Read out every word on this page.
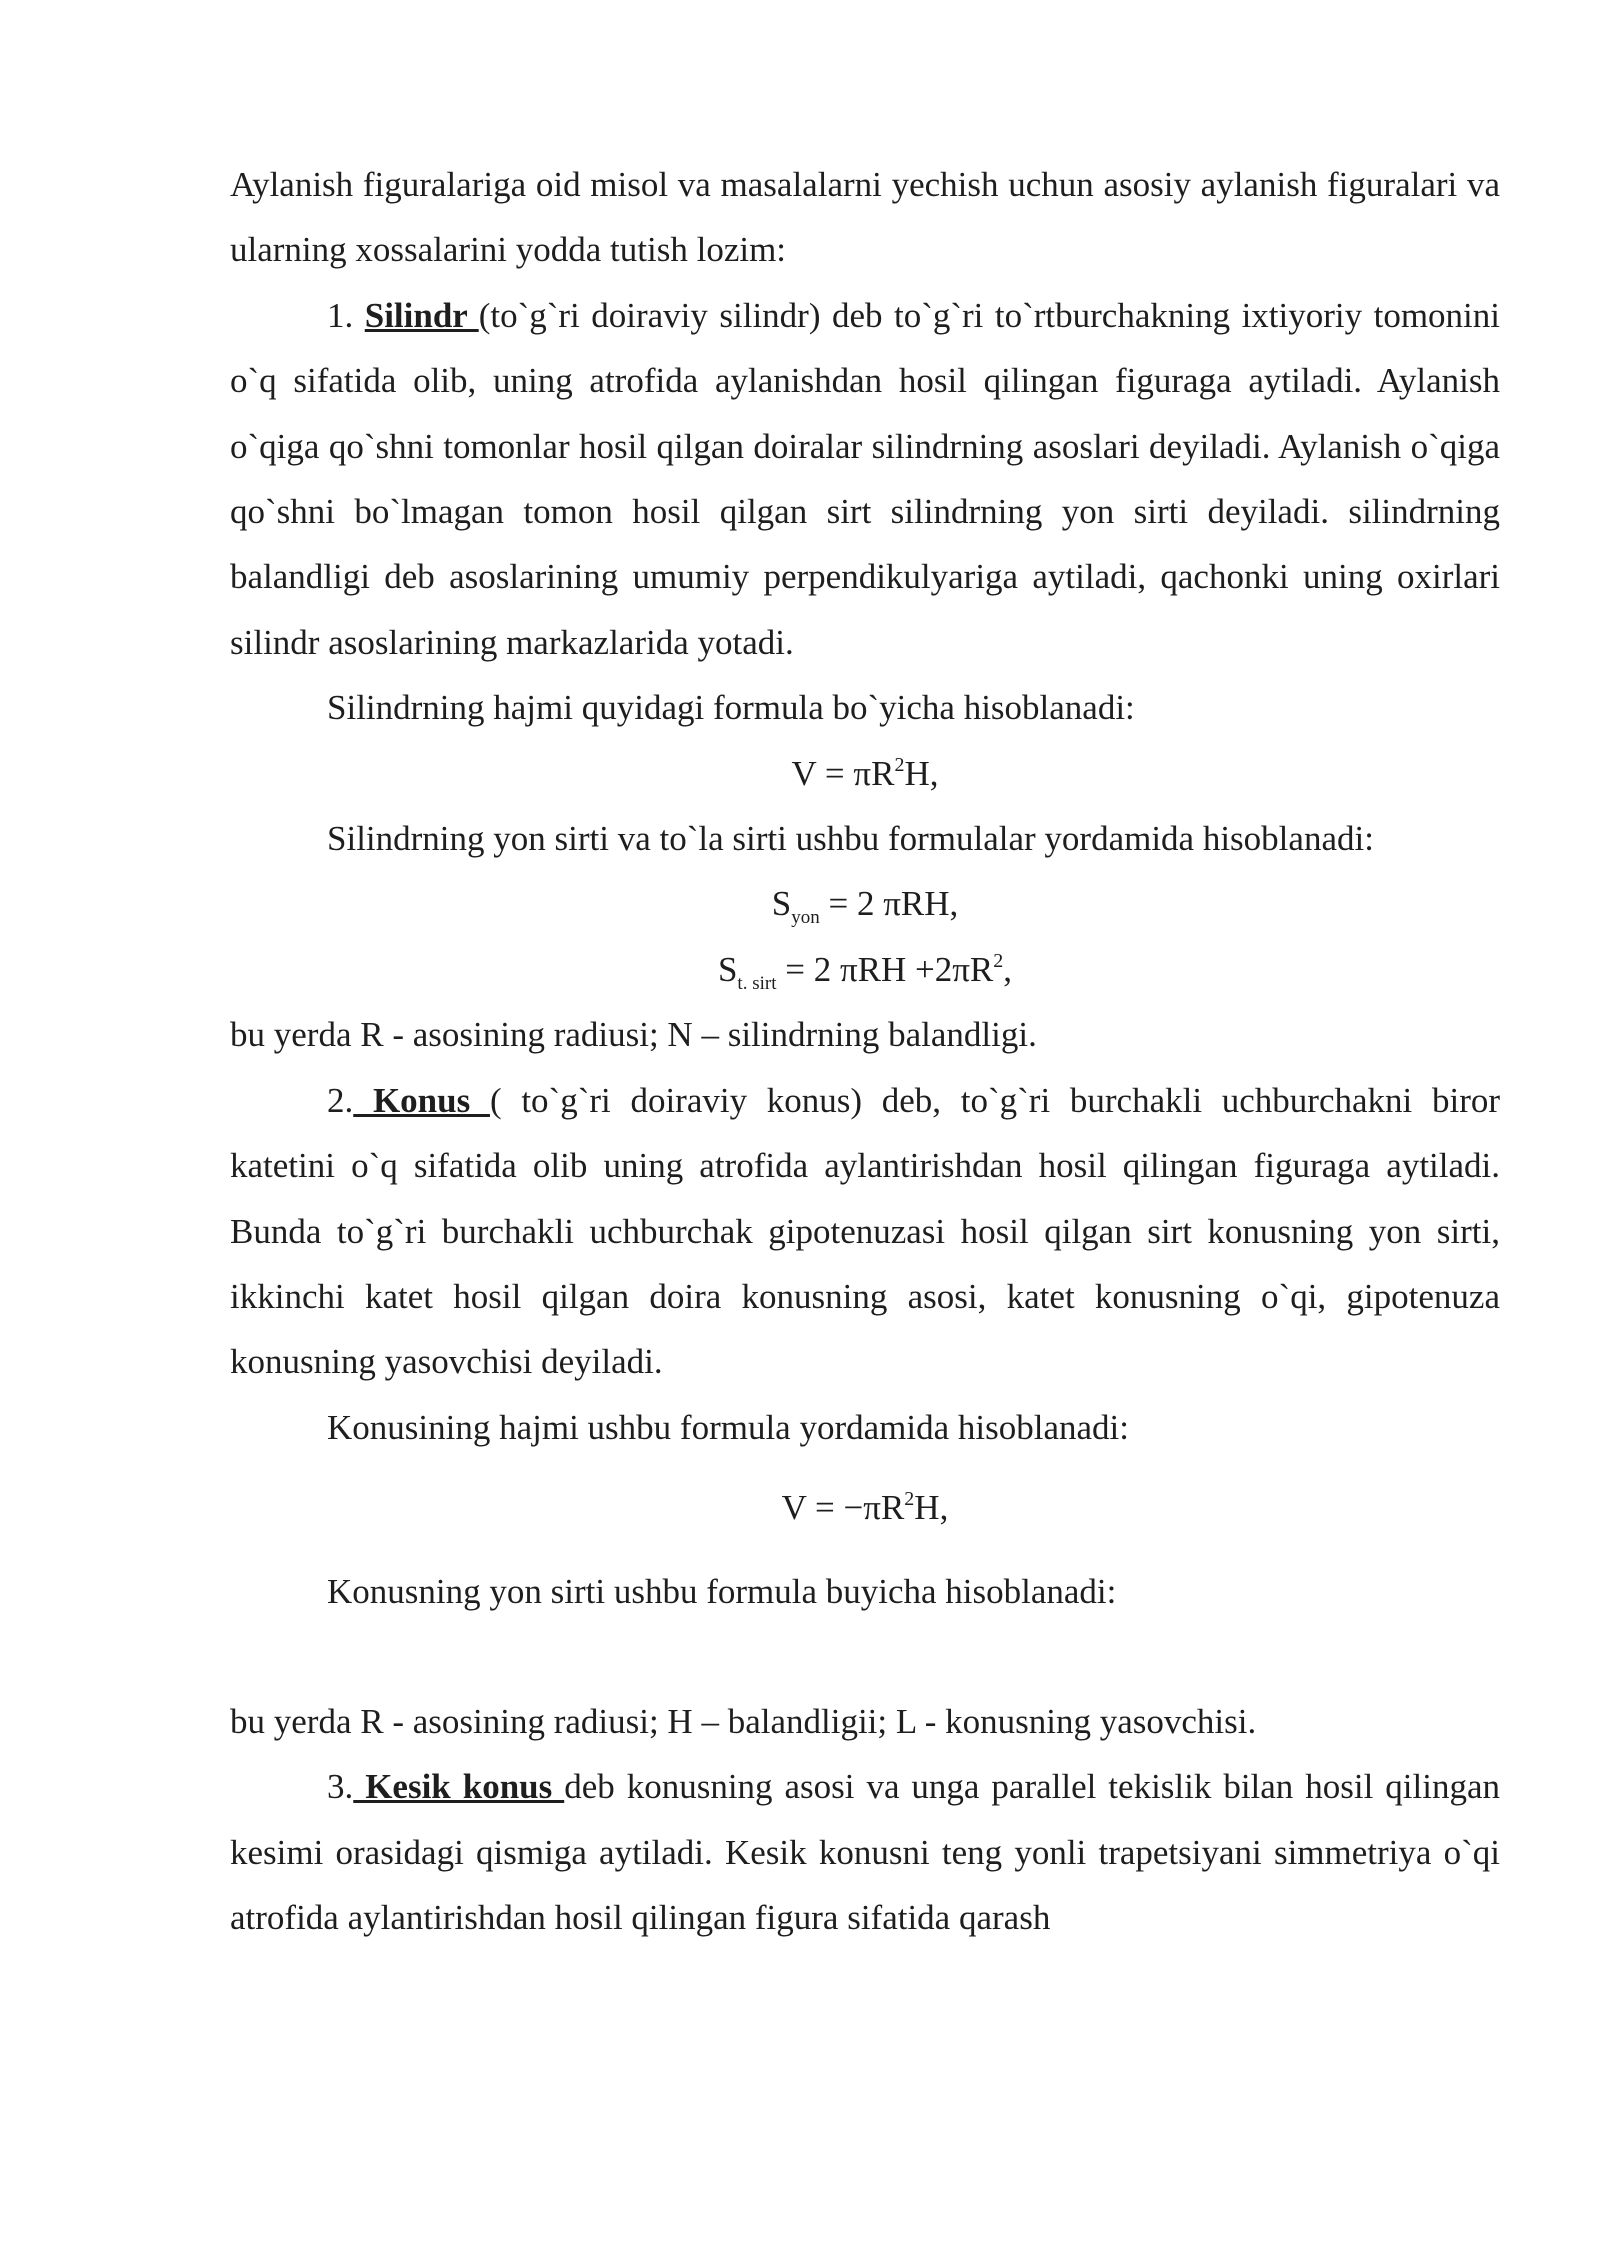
Aylanish figuralariga oid misol va masalalarni yechish uchun asosiy aylanish figuralari va ularning xossalarini yodda tutish lozim:

1. Silindr (to`g`ri doiraviy silindr) deb to`g`ri to`rtburchakning ixtiyoriy tomonini o`q sifatida olib, uning atrofida aylanishdan hosil qilingan figuraga aytiladi. Aylanish o`qiga qo`shni tomonlar hosil qilgan doiralar silindrning asoslari deyiladi. Aylanish o`qiga qo`shni bo`lmagan tomon hosil qilgan sirt silindrning yon sirti deyiladi. silindrning balandligi deb asoslarining umumiy perpendikulyariga aytiladi, qachonki uning oxirlari silindr asoslarining markazlarida yotadi.

Silindrning hajmi quyidagi formula bo`yicha hisoblanadi:

$V = \pi R^2H$,

Silindrning yon sirti va to`la sirti ushbu formulalar yordamida hisoblanadi:

$S_{yon} = 2$ πRH,

$S_{t. sirt} = 2$ $\pi RH +2\pi R^2$,

bu yerda R - asosining radiusi; N – silindrning balandligi.

2. Konus ( to`g`ri doiraviy konus) deb, to`g`ri burchakli uchburchakni biror katetini o`q sifatida olib uning atrofida aylantirishdan hosil qilingan figuraga aytiladi. Bunda to`g`ri burchakli uchburchak gipotenuzasi hosil qilgan sirt konusning yon sirti, ikkinchi katet hosil qilgan doira konusning asosi, katet konusning o`qi, gipotenuza konusning yasovchisi deyiladi.

Konusining hajmi ushbu formula yordamida hisoblanadi:

$V = -\pi R^2H$,

Konusning yon sirti ushbu formula buyicha hisoblanadi:

bu yerda R - asosining radiusi; H – balandligii; L - konusning yasovchisi.

3. Kesik konus deb konusning asosi va unga parallel tekislik bilan hosil qilingan kesimi orasidagi qismiga aytiladi. Kesik konusni teng yonli trapetsiyani simmetriya o`qi atrofida aylantirishdan hosil qilingan figura sifatida qarash
